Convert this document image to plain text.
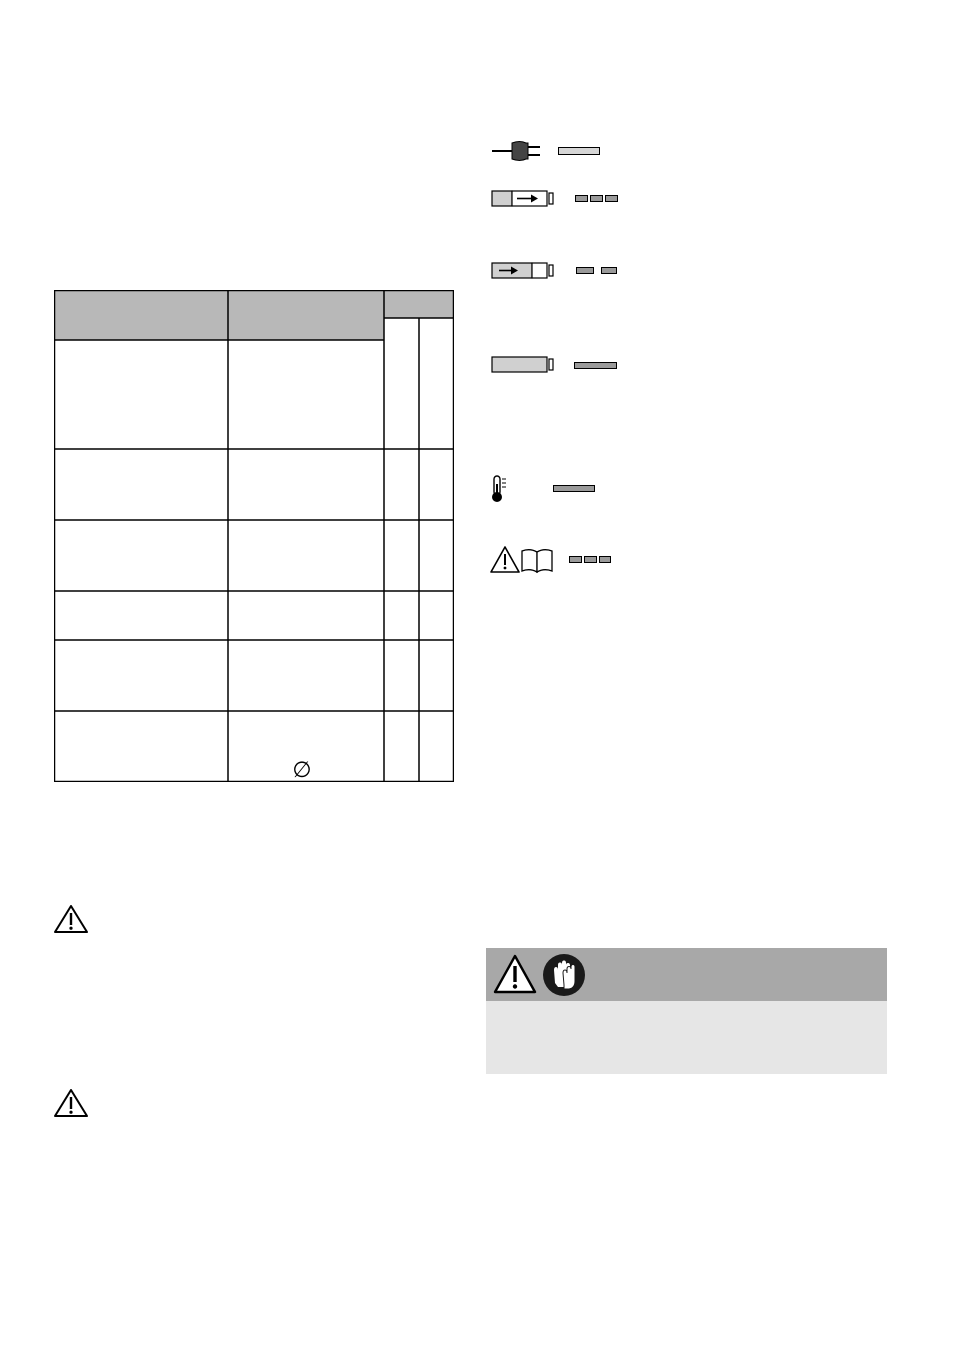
∅
